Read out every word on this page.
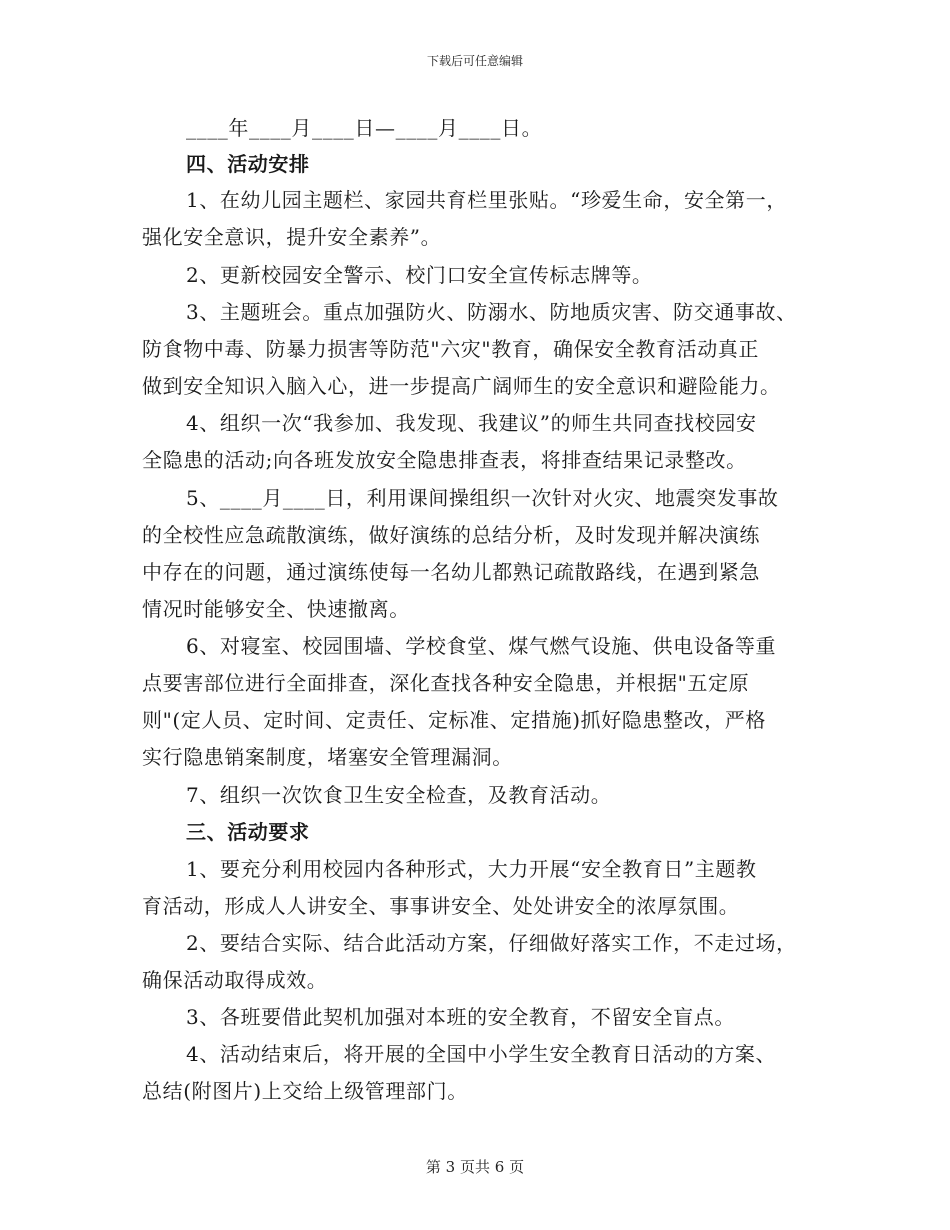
下载后可任意编辑
____年____月____日—____月____日。
四、活动安排
1、在幼儿园主题栏、家园共育栏里张贴。“珍爱生命，安全第一，
强化安全意识，提升安全素养”。
2、更新校园安全警示、校门口安全宣传标志牌等。
3、主题班会。重点加强防火、防溺水、防地质灾害、防交通事故、
防食物中毒、防暴力损害等防范"六灾"教育，确保安全教育活动真正
做到安全知识入脑入心，进一步提高广阔师生的安全意识和避险能力。
4、组织一次“我参加、我发现、我建议”的师生共同查找校园安
全隐患的活动;向各班发放安全隐患排查表，将排查结果记录整改。
5、____月____日，利用课间操组织一次针对火灾、地震突发事故
的全校性应急疏散演练，做好演练的总结分析，及时发现并解决演练
中存在的问题，通过演练使每一名幼儿都熟记疏散路线，在遇到紧急
情况时能够安全、快速撤离。
6、对寝室、校园围墙、学校食堂、煤气燃气设施、供电设备等重
点要害部位进行全面排查，深化查找各种安全隐患，并根据"五定原
则"(定人员、定时间、定责任、定标准、定措施)抓好隐患整改，严格
实行隐患销案制度，堵塞安全管理漏洞。
7、组织一次饮食卫生安全检查，及教育活动。
三、活动要求
1、要充分利用校园内各种形式，大力开展“安全教育日”主题教
育活动，形成人人讲安全、事事讲安全、处处讲安全的浓厚氛围。
2、要结合实际、结合此活动方案，仔细做好落实工作，不走过场，
确保活动取得成效。
3、各班要借此契机加强对本班的安全教育，不留安全盲点。
4、活动结束后，将开展的全国中小学生安全教育日活动的方案、
总结(附图片)上交给上级管理部门。
第 3 页共 6 页
